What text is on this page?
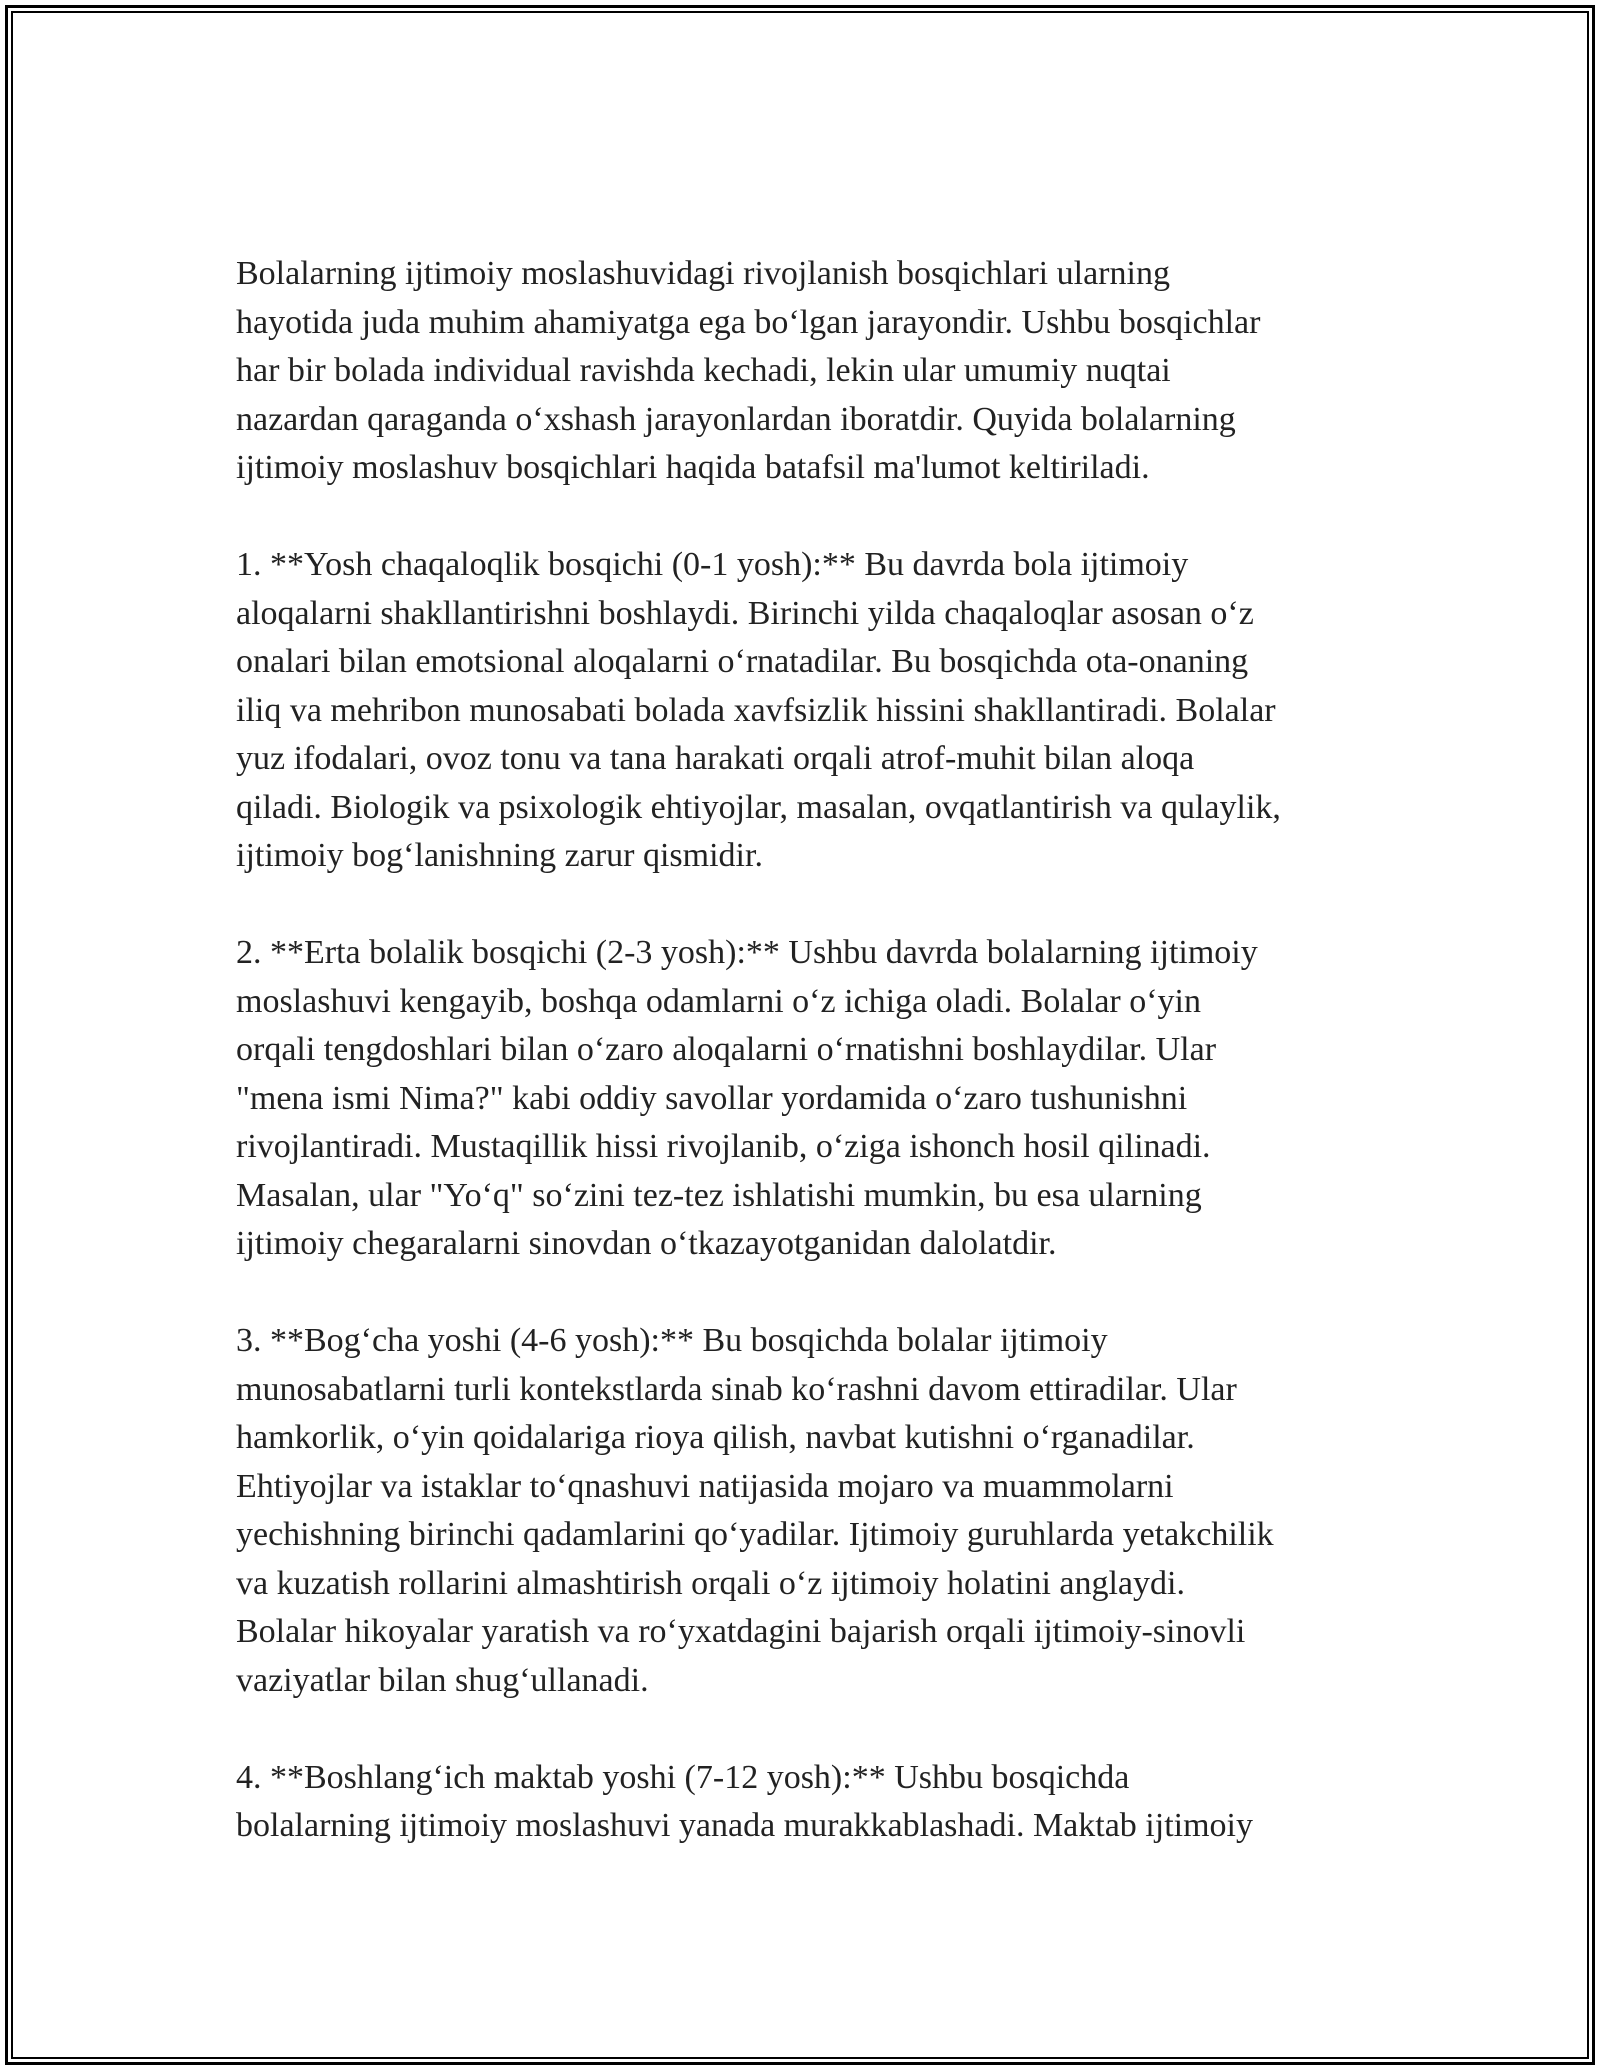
Bolalarning ijtimoiy moslashuvidagi rivojlanish bosqichlari ularning
hayotida juda muhim ahamiyatga ega bo‘lgan jarayondir. Ushbu bosqichlar
har bir bolada individual ravishda kechadi, lekin ular umumiy nuqtai
nazardan qaraganda o‘xshash jarayonlardan iboratdir. Quyida bolalarning
ijtimoiy moslashuv bosqichlari haqida batafsil ma'lumot keltiriladi.

1. **Yosh chaqaloqlik bosqichi (0-1 yosh):** Bu davrda bola ijtimoiy
aloqalarni shakllantirishni boshlaydi. Birinchi yilda chaqaloqlar asosan o‘z
onalari bilan emotsional aloqalarni o‘rnatadilar. Bu bosqichda ota-onaning
iliq va mehribon munosabati bolada xavfsizlik hissini shakllantiradi. Bolalar
yuz ifodalari, ovoz tonu va tana harakati orqali atrof-muhit bilan aloqa
qiladi. Biologik va psixologik ehtiyojlar, masalan, ovqatlantirish va qulaylik,
ijtimoiy bog‘lanishning zarur qismidir.

2. **Erta bolalik bosqichi (2-3 yosh):** Ushbu davrda bolalarning ijtimoiy
moslashuvi kengayib, boshqa odamlarni o‘z ichiga oladi. Bolalar o‘yin
orqali tengdoshlari bilan o‘zaro aloqalarni o‘rnatishni boshlaydilar. Ular
"mena ismi Nima?" kabi oddiy savollar yordamida o‘zaro tushunishni
rivojlantiradi. Mustaqillik hissi rivojlanib, o‘ziga ishonch hosil qilinadi.
Masalan, ular "Yo‘q" so‘zini tez-tez ishlatishi mumkin, bu esa ularning
ijtimoiy chegaralarni sinovdan o‘tkazayotganidan dalolatdir.

3. **Bog‘cha yoshi (4-6 yosh):** Bu bosqichda bolalar ijtimoiy
munosabatlarni turli kontekstlarda sinab ko‘rashni davom ettiradilar. Ular
hamkorlik, o‘yin qoidalariga rioya qilish, navbat kutishni o‘rganadilar.
Ehtiyojlar va istaklar to‘qnashuvi natijasida mojaro va muammolarni
yechishning birinchi qadamlarini qo‘yadilar. Ijtimoiy guruhlarda yetakchilik
va kuzatish rollarini almashtirish orqali o‘z ijtimoiy holatini anglaydi.
Bolalar hikoyalar yaratish va ro‘yxatdagini bajarish orqali ijtimoiy-sinovli
vaziyatlar bilan shug‘ullanadi.

4. **Boshlang‘ich maktab yoshi (7-12 yosh):** Ushbu bosqichda
bolalarning ijtimoiy moslashuvi yanada murakkablashadi. Maktab ijtimoiy
